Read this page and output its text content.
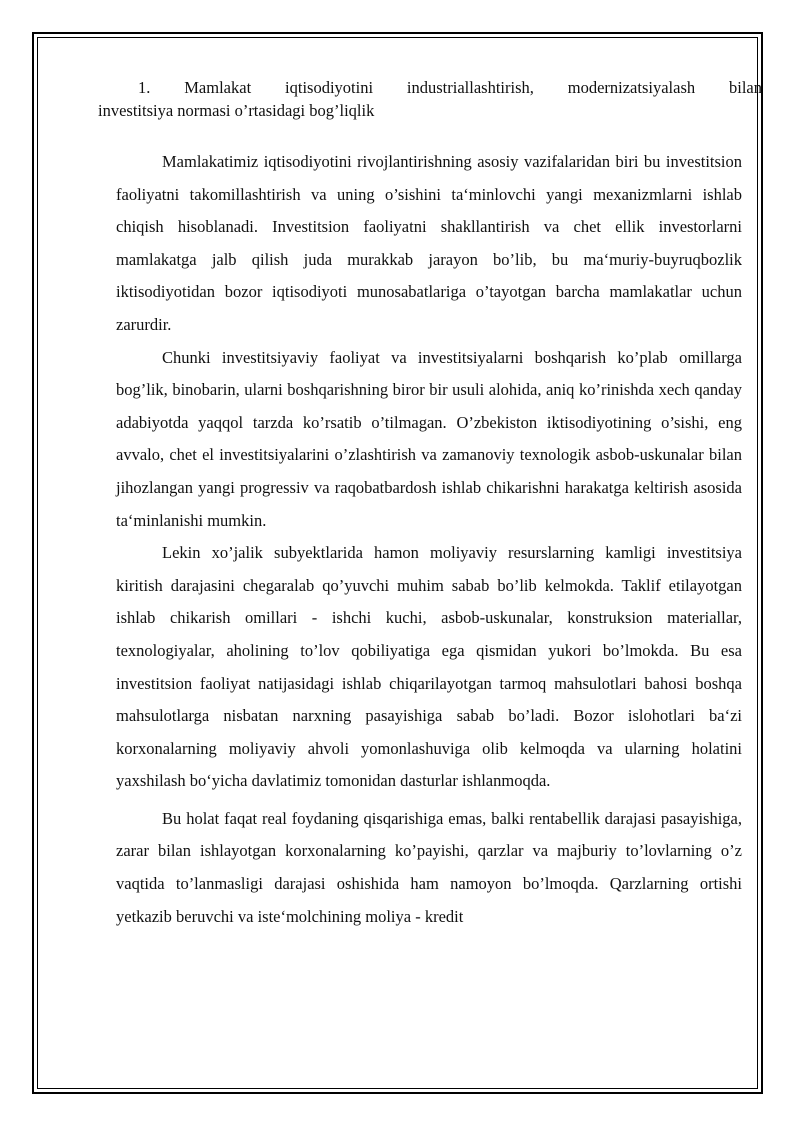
1. Mamlakat iqtisodiyotini industriallashtirish, modernizatsiyalash bilan
investitsiya normasi o’rtasidagi bog’liqlik

Mamlakatimiz iqtisodiyotini rivojlantirishning asosiy vazifalaridan biri bu investitsion faoliyatni takomillashtirish va uning o’sishini ta‘minlovchi yangi mexanizmlarni ishlab chiqish hisoblanadi. Investitsion faoliyatni shakllantirish va chet ellik investorlarni mamlakatga jalb qilish juda murakkab jarayon bo’lib, bu ma‘muriy-buyruqbozlik iktisodiyotidan bozor iqtisodiyoti munosabatlariga o’tayotgan barcha mamlakatlar uchun zarurdir.

Chunki investitsiyaviy faoliyat va investitsiyalarni boshqarish ko’plab omillarga bog’lik, binobarin, ularni boshqarishning biror bir usuli alohida, aniq ko’rinishda xech qanday adabiyotda yaqqol tarzda ko’rsatib o’tilmagan. O’zbekiston iktisodiyotining o’sishi, eng avvalo, chet el investitsiyalarini o’zlashtirish va zamanoviy texnologik asbob-uskunalar bilan jihozlangan yangi progressiv va raqobatbardosh ishlab chikarishni harakatga keltirish asosida ta‘minlanishi mumkin.

Lekin xo’jalik subyektlarida hamon moliyaviy resurslarning kamligi investitsiya kiritish darajasini chegaralab qo’yuvchi muhim sabab bo’lib kelmokda. Taklif etilayotgan ishlab chikarish omillari - ishchi kuchi, asbob-uskunalar, konstruksion materiallar, texnologiyalar, aholining to’lov qobiliyatiga ega qismidan yukori bo’lmokda. Bu esa investitsion faoliyat natijasidagi ishlab chiqarilayotgan tarmoq mahsulotlari bahosi boshqa mahsulotlarga nisbatan narxning pasayishiga sabab bo’ladi. Bozor islohotlari ba‘zi korxonalarning moliyaviy ahvoli yomonlashuviga olib kelmoqda va ularning holatini yaxshilash bo‘yicha davlatimiz tomonidan dasturlar ishlanmoqda.

Bu holat faqat real foydaning qisqarishiga emas, balki rentabellik darajasi pasayishiga, zarar bilan ishlayotgan korxonalarning ko’payishi, qarzlar va majburiy to’lovlarning o’z vaqtida to’lanmasligi darajasi oshishida ham namoyon bo’lmoqda. Qarzlarning ortishi yetkazib beruvchi va iste‘molchining moliya - kredit
